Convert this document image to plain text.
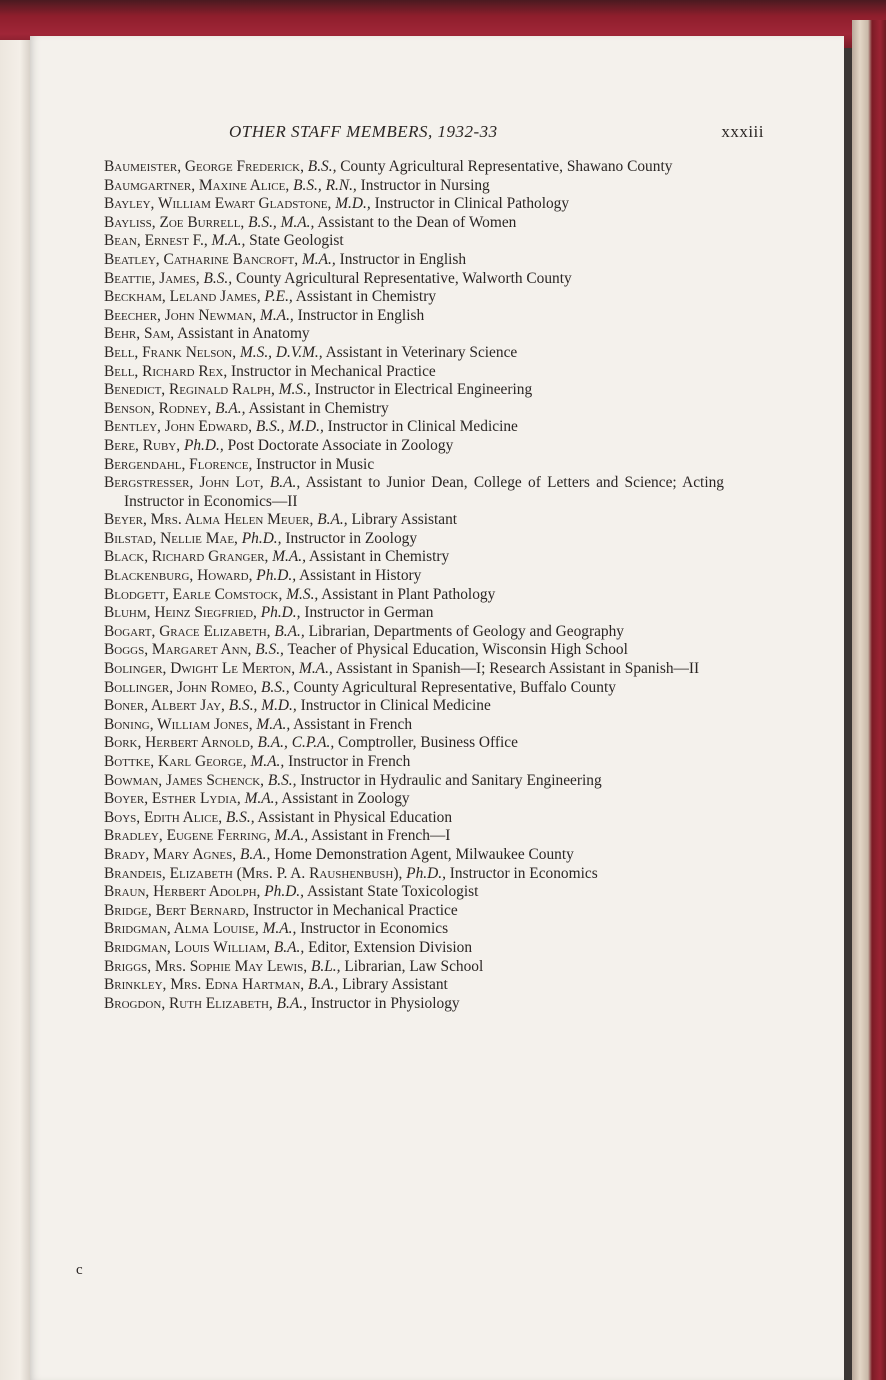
OTHER STAFF MEMBERS, 1932-33	xxxiii
Baumeister, George Frederick, B.S., County Agricultural Representative, Shawano County
Baumgartner, Maxine Alice, B.S., R.N., Instructor in Nursing
Bayley, William Ewart Gladstone, M.D., Instructor in Clinical Pathology
Bayliss, Zoe Burrell, B.S., M.A., Assistant to the Dean of Women
Bean, Ernest F., M.A., State Geologist
Beatley, Catharine Bancroft, M.A., Instructor in English
Beattie, James, B.S., County Agricultural Representative, Walworth County
Beckham, Leland James, P.E., Assistant in Chemistry
Beecher, John Newman, M.A., Instructor in English
Behr, Sam, Assistant in Anatomy
Bell, Frank Nelson, M.S., D.V.M., Assistant in Veterinary Science
Bell, Richard Rex, Instructor in Mechanical Practice
Benedict, Reginald Ralph, M.S., Instructor in Electrical Engineering
Benson, Rodney, B.A., Assistant in Chemistry
Bentley, John Edward, B.S., M.D., Instructor in Clinical Medicine
Bere, Ruby, Ph.D., Post Doctorate Associate in Zoology
Bergendahl, Florence, Instructor in Music
Bergstresser, John Lot, B.A., Assistant to Junior Dean, College of Letters and Science; Acting Instructor in Economics—II
Beyer, Mrs. Alma Helen Meuer, B.A., Library Assistant
Bilstad, Nellie Mae, Ph.D., Instructor in Zoology
Black, Richard Granger, M.A., Assistant in Chemistry
Blackenburg, Howard, Ph.D., Assistant in History
Blodgett, Earle Comstock, M.S., Assistant in Plant Pathology
Bluhm, Heinz Siegfried, Ph.D., Instructor in German
Bogart, Grace Elizabeth, B.A., Librarian, Departments of Geology and Geography
Boggs, Margaret Ann, B.S., Teacher of Physical Education, Wisconsin High School
Bolinger, Dwight Le Merton, M.A., Assistant in Spanish—I; Research Assistant in Spanish—II
Bollinger, John Romeo, B.S., County Agricultural Representative, Buffalo County
Boner, Albert Jay, B.S., M.D., Instructor in Clinical Medicine
Boning, William Jones, M.A., Assistant in French
Bork, Herbert Arnold, B.A., C.P.A., Comptroller, Business Office
Bottke, Karl George, M.A., Instructor in French
Bowman, James Schenck, B.S., Instructor in Hydraulic and Sanitary Engineering
Boyer, Esther Lydia, M.A., Assistant in Zoology
Boys, Edith Alice, B.S., Assistant in Physical Education
Bradley, Eugene Ferring, M.A., Assistant in French—I
Brady, Mary Agnes, B.A., Home Demonstration Agent, Milwaukee County
Brandeis, Elizabeth (Mrs. P. A. Raushenbush), Ph.D., Instructor in Economics
Braun, Herbert Adolph, Ph.D., Assistant State Toxicologist
Bridge, Bert Bernard, Instructor in Mechanical Practice
Bridgman, Alma Louise, M.A., Instructor in Economics
Bridgman, Louis William, B.A., Editor, Extension Division
Briggs, Mrs. Sophie May Lewis, B.L., Librarian, Law School
Brinkley, Mrs. Edna Hartman, B.A., Library Assistant
Brogdon, Ruth Elizabeth, B.A., Instructor in Physiology
c
